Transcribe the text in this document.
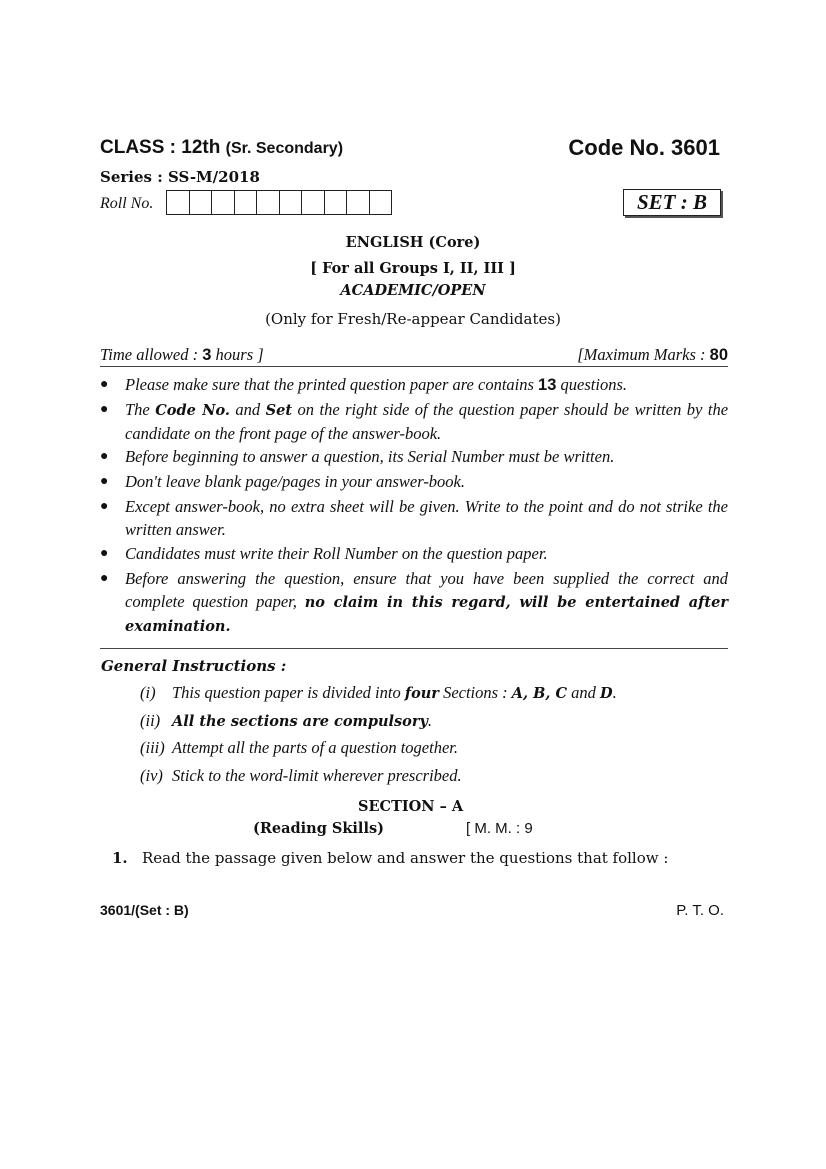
CLASS : 12th (Sr. Secondary)	Code No. 3601
Series : SS-M/2018
Roll No.	SET : B
ENGLISH (Core)
[ For all Groups I, II, III ]
ACADEMIC/OPEN
(Only for Fresh/Re-appear Candidates)
Time allowed : 3 hours ]	[Maximum Marks : 80
● Please make sure that the printed question paper are contains 13 questions.
● The Code No. and Set on the right side of the question paper should be written by the candidate on the front page of the answer-book.
● Before beginning to answer a question, its Serial Number must be written.
● Don't leave blank page/pages in your answer-book.
● Except answer-book, no extra sheet will be given. Write to the point and do not strike the written answer.
● Candidates must write their Roll Number on the question paper.
● Before answering the question, ensure that you have been supplied the correct and complete question paper, no claim in this regard, will be entertained after examination.
General Instructions :
(i) This question paper is divided into four Sections : A, B, C and D.
(ii) All the sections are compulsory.
(iii) Attempt all the parts of a question together.
(iv) Stick to the word-limit wherever prescribed.
SECTION – A
(Reading Skills)	[ M. M. : 9
1. Read the passage given below and answer the questions that follow :
3601/(Set : B)	P. T. O.
